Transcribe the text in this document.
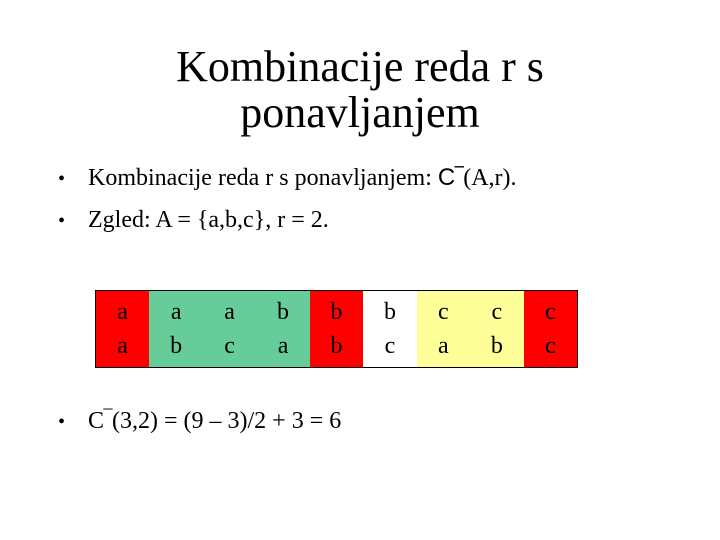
Kombinacije reda r s
ponavljanjem
• Kombinacije reda r s ponavljanjem: C‾(A,r).
• Zgled: A = {a,b,c}, r = 2.
a
a
a
b
a
c
b
a
b
b
b
c
c
a
c
b
c
c
• C‾(3,2) = (9 – 3)/2 + 3 = 6
